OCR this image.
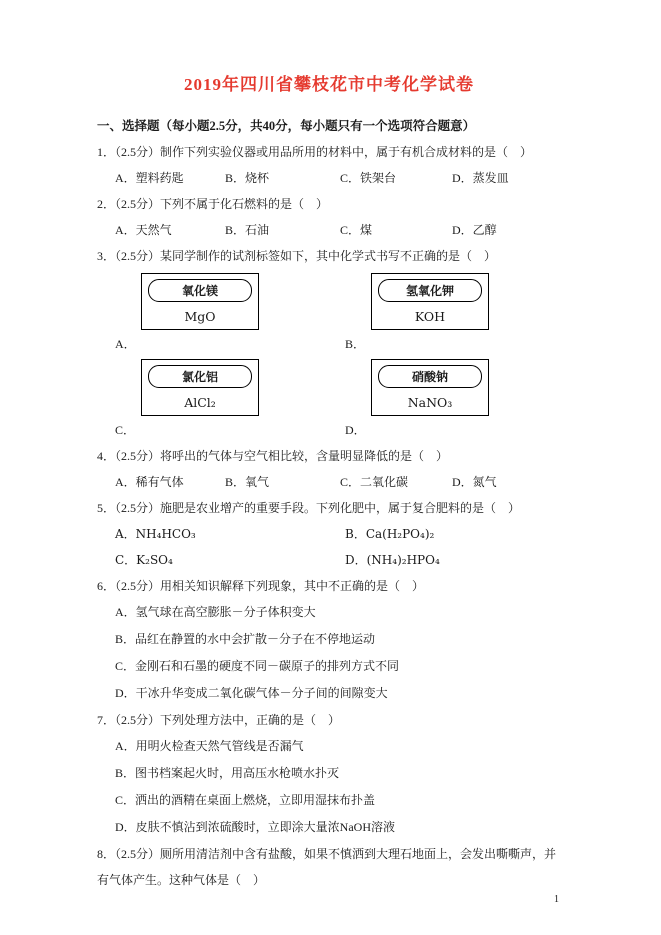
2019年四川省攀枝花市中考化学试卷
一、选择题（每小题2.5分，共40分，每小题只有一个选项符合题意）
1．（2.5分）制作下列实验仪器或用品所用的材料中，属于有机合成材料的是（　）
A．塑料药匙	B．烧杯	C．铁架台	D．蒸发皿
2．（2.5分）下列不属于化石燃料的是（　）
A．天然气	B．石油	C．煤	D．乙醇
3．（2.5分）某同学制作的试剂标签如下，其中化学式书写不正确的是（　）
氧化镁
MgO
A．
氢氧化钾
KOH
B．
氯化铝
AlCl₂
C．
硝酸钠
NaNO₃
D．
4．（2.5分）将呼出的气体与空气相比较，含量明显降低的是（　）
A．稀有气体	B．氧气	C．二氧化碳	D．氮气
5．（2.5分）施肥是农业增产的重要手段。下列化肥中，属于复合肥料的是（　）
A．NH₄HCO₃	B．Ca(H₂PO₄)₂
C．K₂SO₄	D．(NH₄)₂HPO₄
6．（2.5分）用相关知识解释下列现象，其中不正确的是（　）
A．氢气球在高空膨胀－分子体积变大
B．品红在静置的水中会扩散－分子在不停地运动
C．金刚石和石墨的硬度不同－碳原子的排列方式不同
D．干冰升华变成二氧化碳气体－分子间的间隙变大
7．（2.5分）下列处理方法中，正确的是（　）
A．用明火检查天然气管线是否漏气
B．图书档案起火时，用高压水枪喷水扑灭
C．洒出的酒精在桌面上燃烧，立即用湿抹布扑盖
D．皮肤不慎沾到浓硫酸时，立即涂大量浓NaOH溶液
8．（2.5分）厕所用清洁剂中含有盐酸，如果不慎洒到大理石地面上，会发出嘶嘶声，并有气体产生。这种气体是（　）
1
